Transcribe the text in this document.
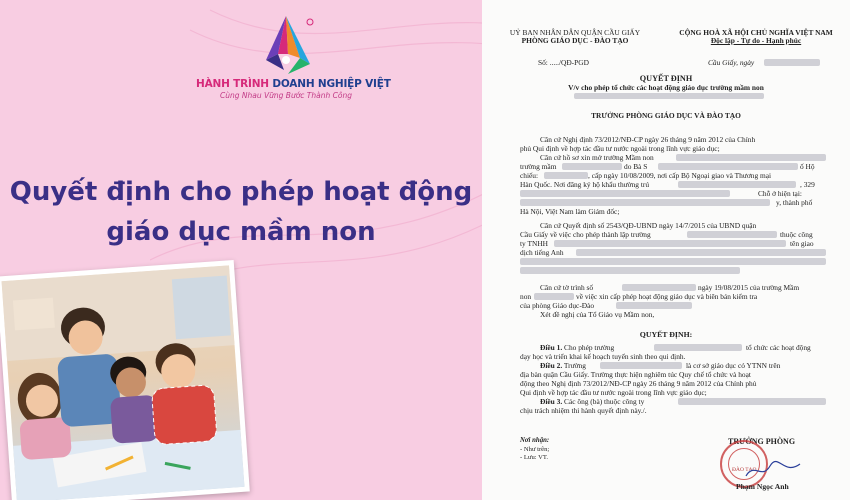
HÀNH TRÌNH DOANH NGHIỆP VIỆT
Cùng Nhau Vững Bước Thành Công
Quyết định cho phép hoạt động
giáo dục mầm non
UỶ BAN NHÂN DÂN QUẬN CẦU GIẤY
PHÒNG GIÁO DỤC - ĐÀO TẠO
CỘNG HOÀ XÃ HỘI CHỦ NGHĨA VIỆT NAM
Độc lập - Tự do - Hạnh phúc
Số: ...../QĐ-PGD	Cầu Giấy, ngày
QUYẾT ĐỊNH
V/v cho phép tổ chức các hoạt động giáo dục trường mầm non
TRƯỞNG PHÒNG GIÁO DỤC VÀ ĐÀO TẠO
Căn cứ Nghị định 73/2012/NĐ-CP ngày 26 tháng 9 năm 2012 của Chính
phủ Qui định về hợp tác đầu tư nước ngoài trong lĩnh vực giáo dục;
Căn cứ hồ sơ xin mở trường Mầm non
trường mầm	do Bà S	ố Hộ
chiếu:	, cấp ngày 10/08/2009, nơi cấp Bộ Ngoại giao và Thương mại
Hàn Quốc. Nơi đăng ký hộ khẩu thường trú	, 329
Chỗ ở hiện tại:
y, thành phố
Hà Nội, Việt Nam làm Giám đốc;
Căn cứ Quyết định số 2543/QĐ-UBND ngày 14/7/2015 của UBND quận
Cầu Giấy về việc cho phép thành lập trường	thuộc công
ty TNHH	tên giao
dịch tiếng Anh
Căn cứ tờ trình số	ngày 19/08/2015 của trường Mầm
non	về việc xin cấp phép hoạt động giáo dục và biên bản kiểm tra
của phòng Giáo dục-Đào
Xét đề nghị của Tổ Giáo vụ Mầm non,
QUYẾT ĐỊNH:
Điều 1. Cho phép trường	tổ chức các hoạt động
dạy học và triển khai kế hoạch tuyển sinh theo qui định.
Điều 2. Trường	là cơ sở giáo dục có YTNN trên
địa bàn quận Cầu Giấy. Trường thực hiện nghiêm túc Quy chế tổ chức và hoạt
động theo Nghị định 73/2012/NĐ-CP ngày 26 tháng 9 năm 2012 của Chính phủ
Qui định về hợp tác đầu tư nước ngoài trong lĩnh vực giáo dục;
Điều 3. Các ông (bà) thuộc công ty
chịu trách nhiệm thi hành quyết định này./.
Nơi nhận:
- Như trên;
- Lưu: VT.
TRƯỞNG PHÒNG
ĐÀO TẠO
Phạm Ngọc Anh
